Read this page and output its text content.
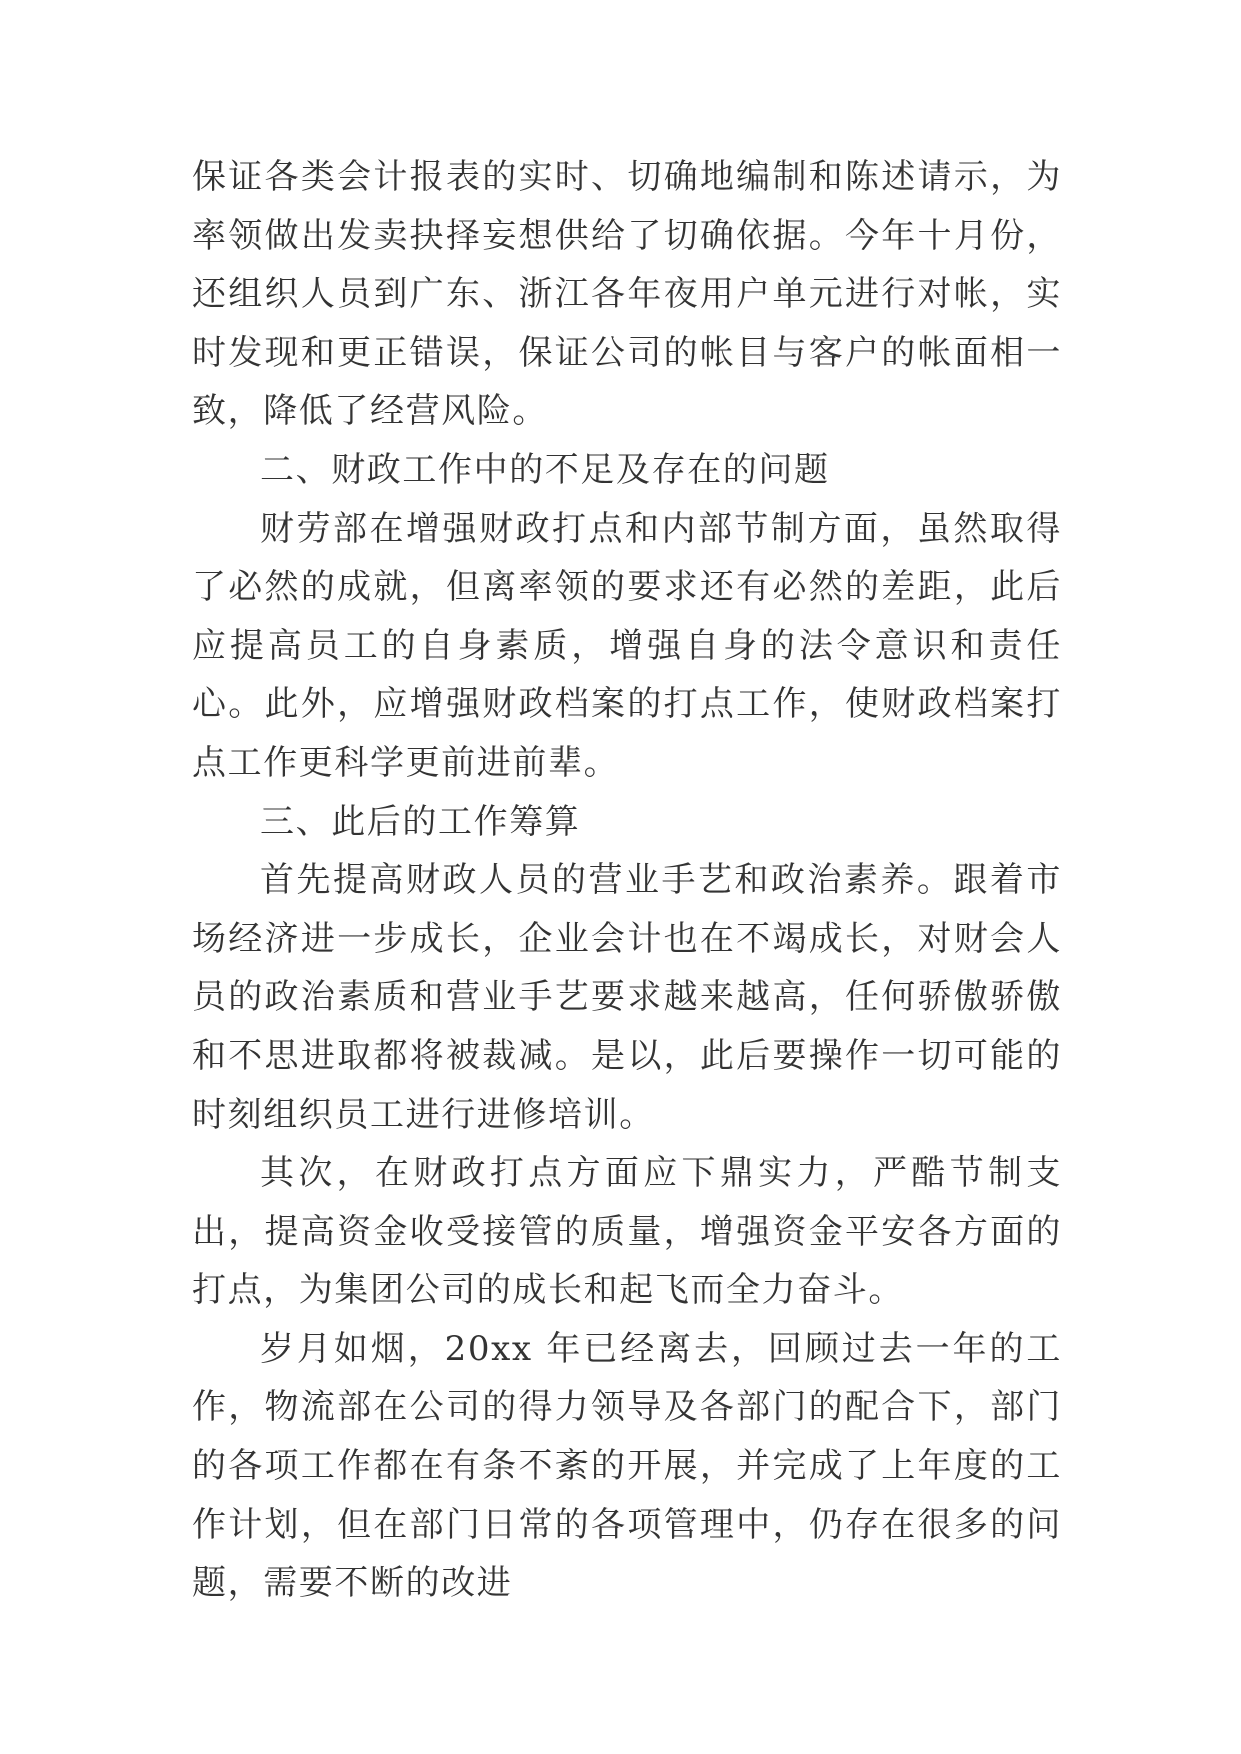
保证各类会计报表的实时、切确地编制和陈述请示，为率领做出发卖抉择妄想供给了切确依据。今年十月份，还组织人员到广东、浙江各年夜用户单元进行对帐，实时发现和更正错误，保证公司的帐目与客户的帐面相一致，降低了经营风险。

二、财政工作中的不足及存在的问题

财劳部在增强财政打点和内部节制方面，虽然取得了必然的成就，但离率领的要求还有必然的差距，此后应提高员工的自身素质，增强自身的法令意识和责任心。此外，应增强财政档案的打点工作，使财政档案打点工作更科学更前进前辈。

三、此后的工作筹算

首先提高财政人员的营业手艺和政治素养。跟着市场经济进一步成长，企业会计也在不竭成长，对财会人员的政治素质和营业手艺要求越来越高，任何骄傲骄傲和不思进取都将被裁减。是以，此后要操作一切可能的时刻组织员工进行进修培训。

其次，在财政打点方面应下鼎实力，严酷节制支出，提高资金收受接管的质量，增强资金平安各方面的打点，为集团公司的成长和起飞而全力奋斗。

岁月如烟，20xx 年已经离去，回顾过去一年的工作，物流部在公司的得力领导及各部门的配合下，部门的各项工作都在有条不紊的开展，并完成了上年度的工作计划，但在部门日常的各项管理中，仍存在很多的问题，需要不断的改进
